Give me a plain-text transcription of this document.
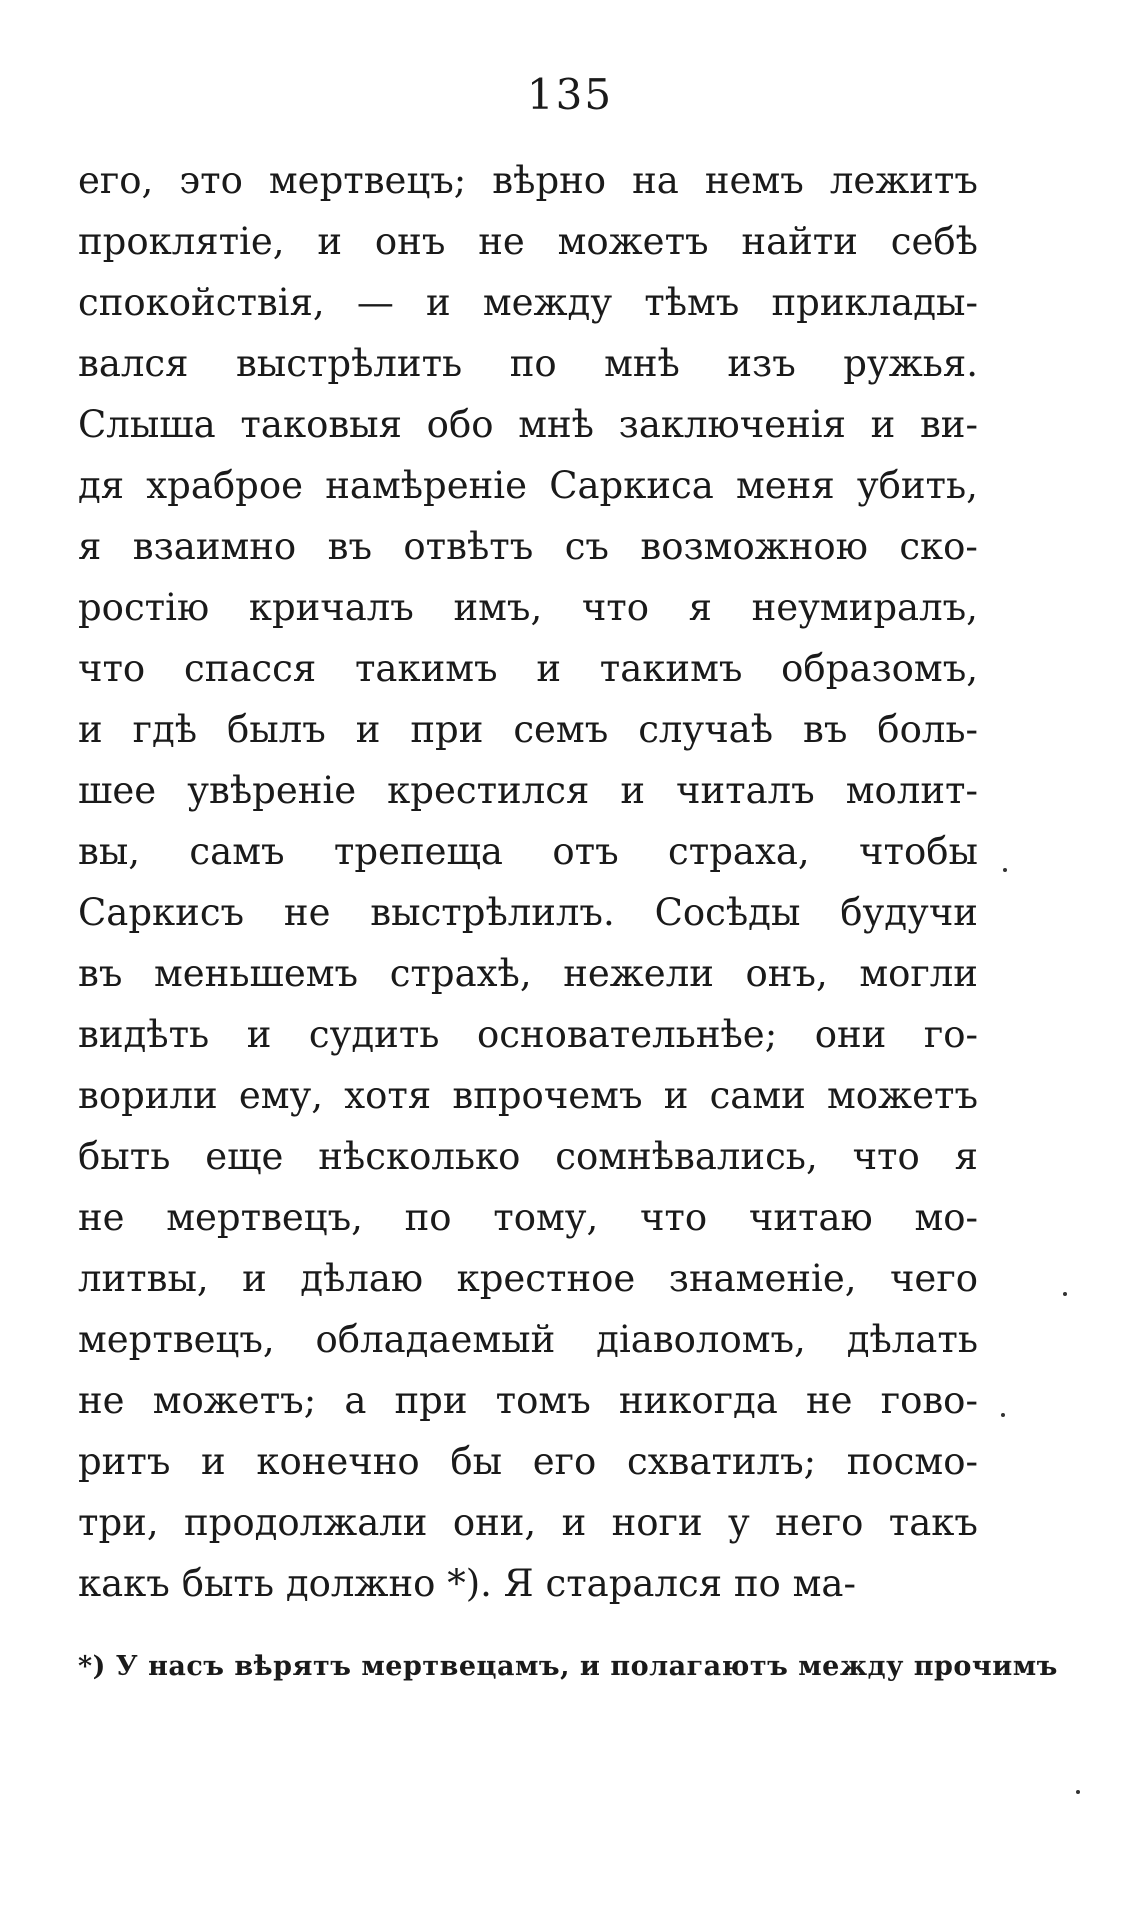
135
его, это мертвецъ; вѣрно на немъ лежитъ
проклятіе, и онъ не можетъ найти себѣ
спокойствія, — и между тѣмъ приклады-
вался выстрѣлить по мнѣ изъ ружья.
Слыша таковыя обо мнѣ заключенія и ви-
дя храброе намѣреніе Саркиса меня убить,
я взаимно въ отвѣтъ съ возможною ско-
ростію кричалъ имъ, что я неумиралъ,
что спасся такимъ и такимъ образомъ,
и гдѣ былъ и при семъ случаѣ въ боль-
шее увѣреніе крестился и читалъ молит-
вы, самъ трепеща отъ страха, чтобы
Саркисъ не выстрѣлилъ. Сосѣды будучи
въ меньшемъ страхѣ, нежели онъ, могли
видѣть и судить основательнѣе; они го-
ворили ему, хотя впрочемъ и сами можетъ
быть еще нѣсколько сомнѣвались, что я
не мертвецъ, по тому, что читаю мо-
литвы, и дѣлаю крестное знаменіе, чего
мертвецъ, обладаемый діаволомъ, дѣлать
не можетъ; а при томъ никогда не гово-
ритъ и конечно бы его схватилъ; посмо-
три, продолжали они, и ноги у него такъ
какъ быть должно *). Я старался по ма-
*) У насъ вѣрятъ мертвецамъ, и полагаютъ между прочимъ
